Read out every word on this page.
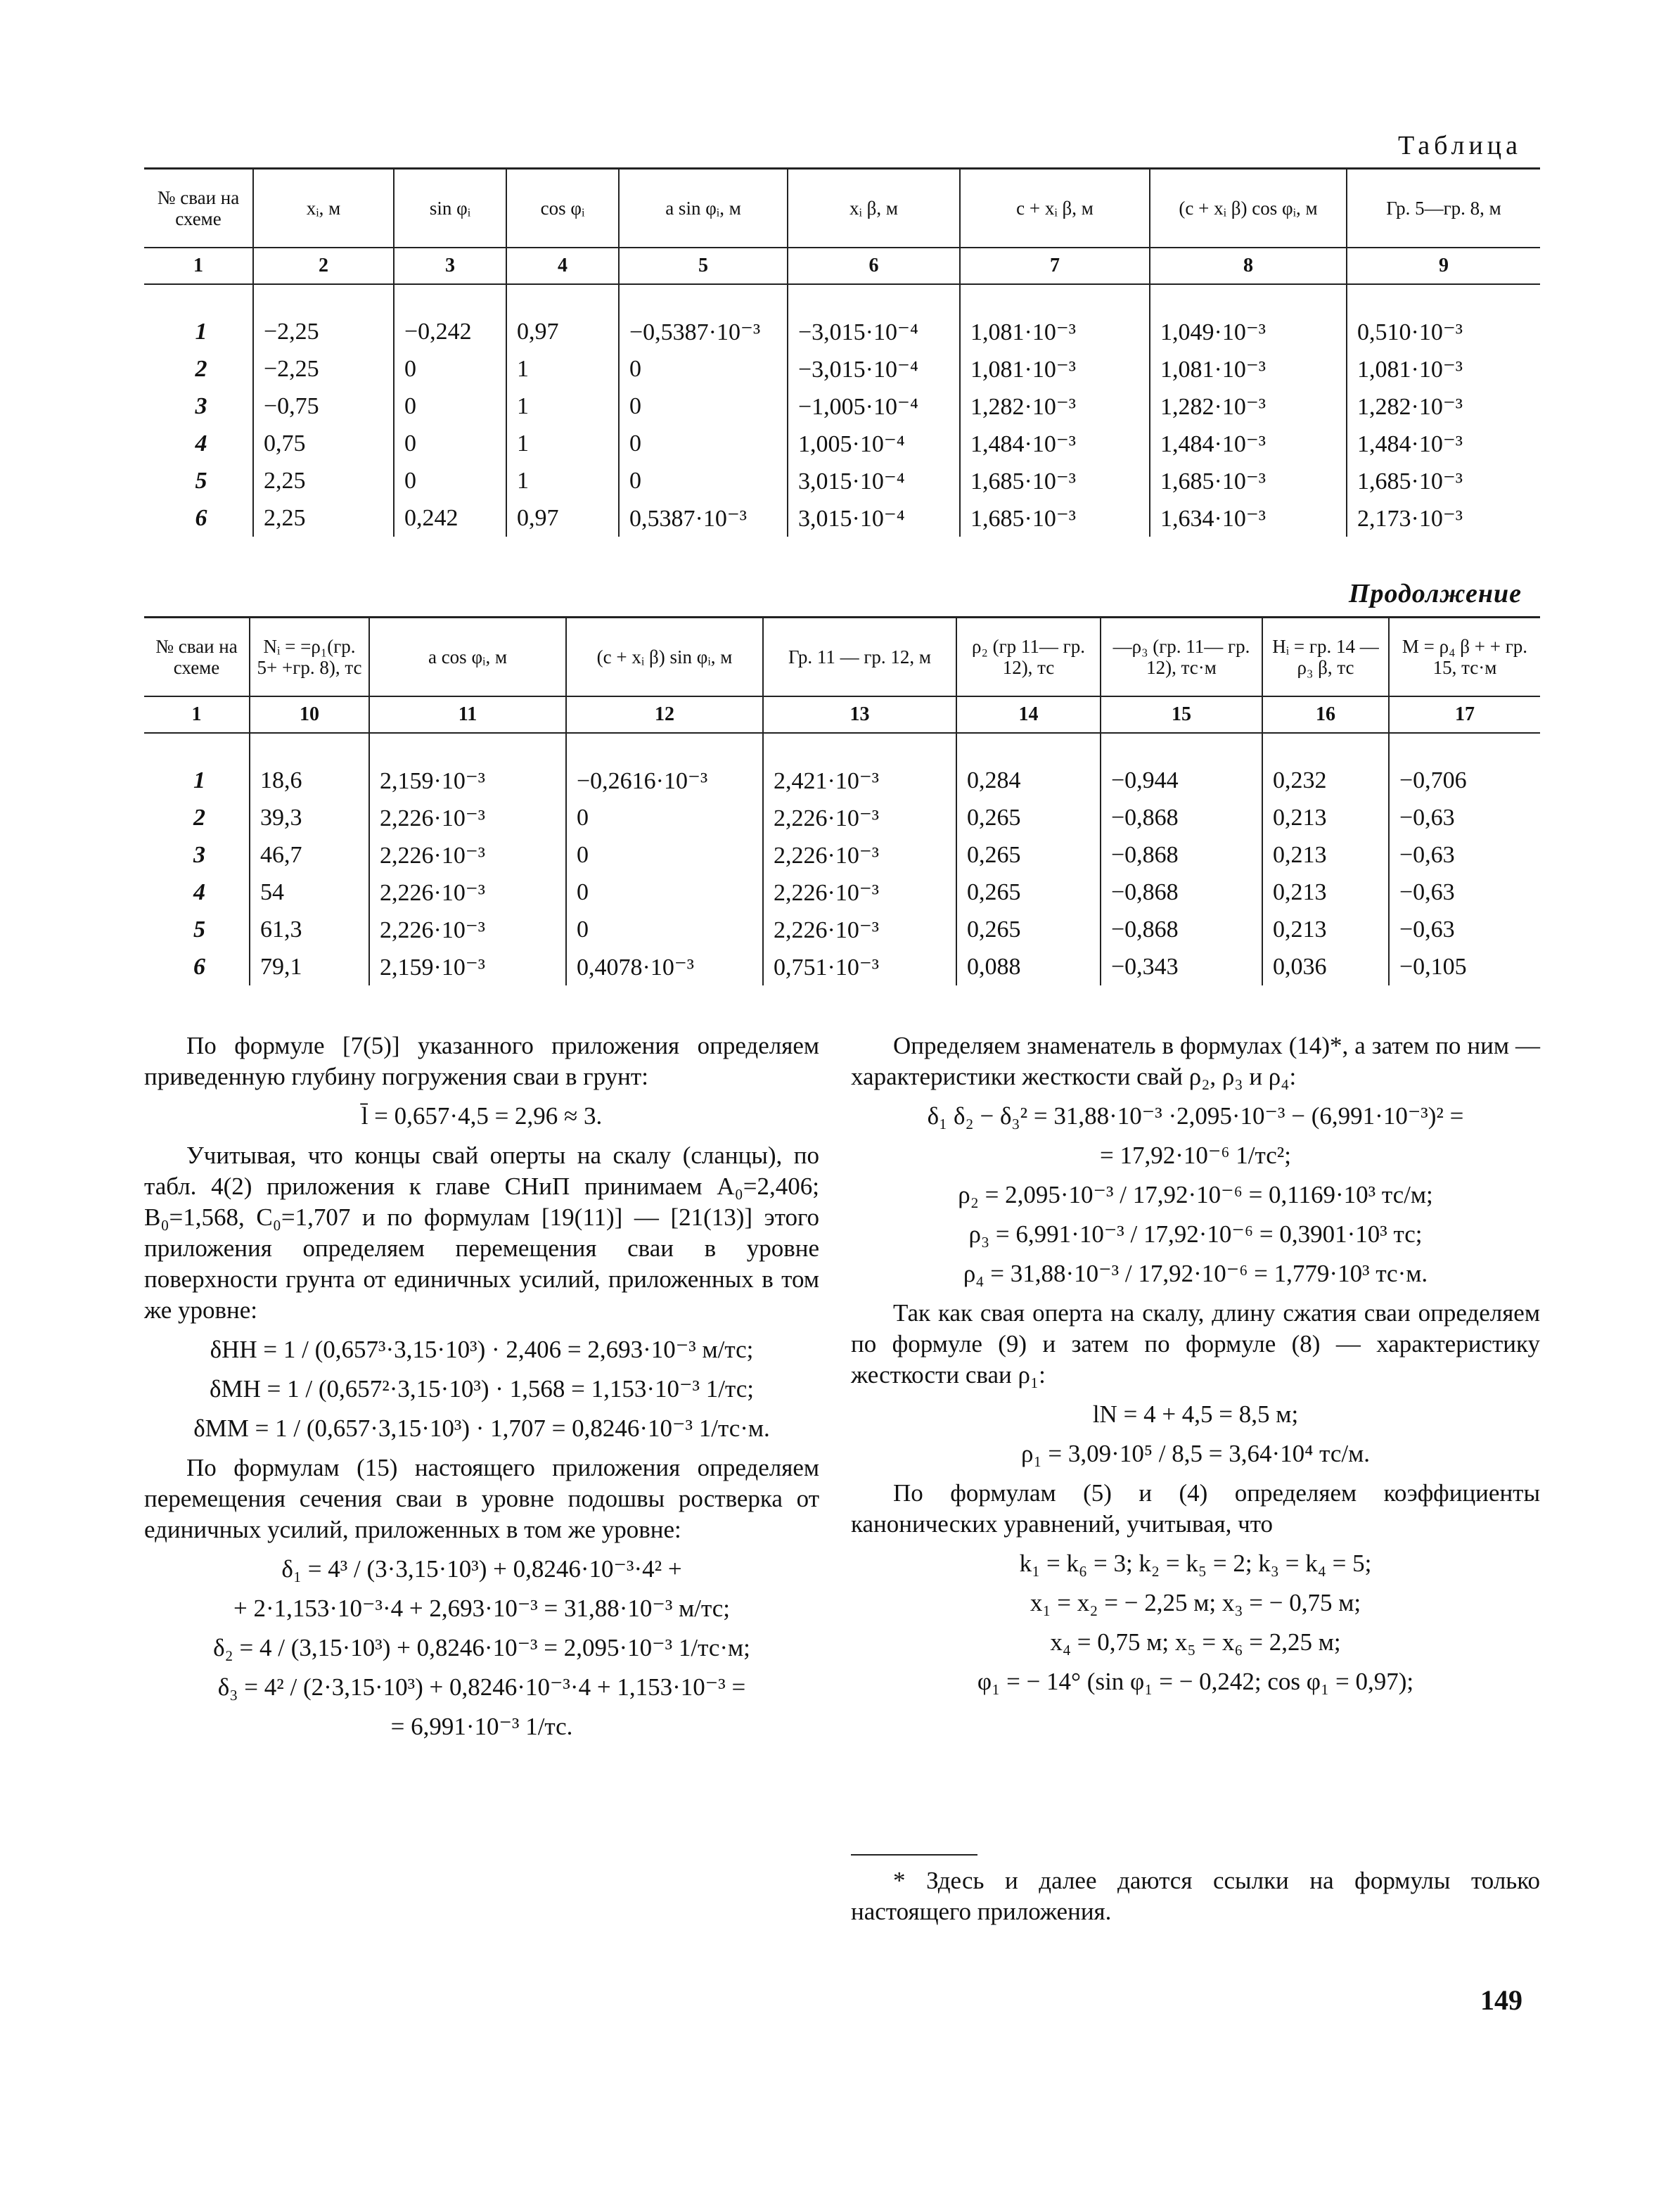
Таблица
№ сваи на схеме	xᵢ, м	sin φᵢ	cos φᵢ	a sin φᵢ, м	xᵢ β, м	c + xᵢ β, м	(c + xᵢ β) cos φᵢ, м	Гр. 5—гр. 8, м
1	2	3	4	5	6	7	8	9

1	−2,25	−0,242	0,97	−0,5387·10⁻³	−3,015·10⁻⁴	1,081·10⁻³	1,049·10⁻³	0,510·10⁻³
2	−2,25	0	1	0	−3,015·10⁻⁴	1,081·10⁻³	1,081·10⁻³	1,081·10⁻³
3	−0,75	0	1	0	−1,005·10⁻⁴	1,282·10⁻³	1,282·10⁻³	1,282·10⁻³
4	0,75	0	1	0	1,005·10⁻⁴	1,484·10⁻³	1,484·10⁻³	1,484·10⁻³
5	2,25	0	1	0	3,015·10⁻⁴	1,685·10⁻³	1,685·10⁻³	1,685·10⁻³
6	2,25	0,242	0,97	0,5387·10⁻³	3,015·10⁻⁴	1,685·10⁻³	1,634·10⁻³	2,173·10⁻³
Продолжение
№ сваи на схеме	Nᵢ = =ρ₁(гр. 5+ +гр. 8), тс	a cos φᵢ, м	(c + xᵢ β) sin φᵢ, м	Гр. 11 — гр. 12, м	ρ₂ (гр 11— гр. 12), тс	—ρ₃ (гр. 11— гр. 12), тс·м	Hᵢ = гр. 14 — ρ₃ β, тс	M = ρ₄ β + + гр. 15, тс·м
1	10	11	12	13	14	15	16	17

1	18,6	2,159·10⁻³	−0,2616·10⁻³	2,421·10⁻³	0,284	−0,944	0,232	−0,706
2	39,3	2,226·10⁻³	0	2,226·10⁻³	0,265	−0,868	0,213	−0,63
3	46,7	2,226·10⁻³	0	2,226·10⁻³	0,265	−0,868	0,213	−0,63
4	54	2,226·10⁻³	0	2,226·10⁻³	0,265	−0,868	0,213	−0,63
5	61,3	2,226·10⁻³	0	2,226·10⁻³	0,265	−0,868	0,213	−0,63
6	79,1	2,159·10⁻³	0,4078·10⁻³	0,751·10⁻³	0,088	−0,343	0,036	−0,105

По формуле [7(5)] указанного приложения определяем приведенную глубину погружения сваи в грунт:

l̄ = 0,657·4,5 = 2,96 ≈ 3.

Учитывая, что концы свай оперты на скалу (сланцы), по табл. 4(2) приложения к главе СНиП принимаем A₀=2,406; B₀=1,568, C₀=1,707 и по формулам [19(11)] — [21(13)] этого приложения определяем перемещения сваи в уровне поверхности грунта от единичных усилий, приложенных в том же уровне:

δHH = 1 / (0,657³·3,15·10³) · 2,406 = 2,693·10⁻³ м/тс;

δMH = 1 / (0,657²·3,15·10³) · 1,568 = 1,153·10⁻³ 1/тс;

δMM = 1 / (0,657·3,15·10³) · 1,707 = 0,8246·10⁻³ 1/тс·м.

По формулам (15) настоящего приложения определяем перемещения сечения сваи в уровне подошвы ростверка от единичных усилий, приложенных в том же уровне:

δ₁ = 4³ / (3·3,15·10³) + 0,8246·10⁻³·4² +

+ 2·1,153·10⁻³·4 + 2,693·10⁻³ = 31,88·10⁻³ м/тс;

δ₂ = 4 / (3,15·10³) + 0,8246·10⁻³ = 2,095·10⁻³ 1/тс·м;

δ₃ = 4² / (2·3,15·10³) + 0,8246·10⁻³·4 + 1,153·10⁻³ =

= 6,991·10⁻³ 1/тс.

Определяем знаменатель в формулах (14)*, а затем по ним — характеристики жесткости свай ρ₂, ρ₃ и ρ₄:

δ₁ δ₂ − δ₃² = 31,88·10⁻³ ·2,095·10⁻³ − (6,991·10⁻³)² =

= 17,92·10⁻⁶ 1/тс²;

ρ₂ = 2,095·10⁻³ / 17,92·10⁻⁶ = 0,1169·10³ тс/м;

ρ₃ = 6,991·10⁻³ / 17,92·10⁻⁶ = 0,3901·10³ тс;

ρ₄ = 31,88·10⁻³ / 17,92·10⁻⁶ = 1,779·10³ тс·м.

Так как свая оперта на скалу, длину сжатия сваи определяем по формуле (9) и затем по формуле (8) — характеристику жесткости сваи ρ₁:

lN = 4 + 4,5 = 8,5 м;

ρ₁ = 3,09·10⁵ / 8,5 = 3,64·10⁴ тс/м.

По формулам (5) и (4) определяем коэффициенты канонических уравнений, учитывая, что

k₁ = k₆ = 3; k₂ = k₅ = 2; k₃ = k₄ = 5;

x₁ = x₂ = − 2,25 м; x₃ = − 0,75 м;

x₄ = 0,75 м; x₅ = x₆ = 2,25 м;

φ₁ = − 14° (sin φ₁ = − 0,242; cos φ₁ = 0,97);

* Здесь и далее даются ссылки на формулы только настоящего приложения.

149
